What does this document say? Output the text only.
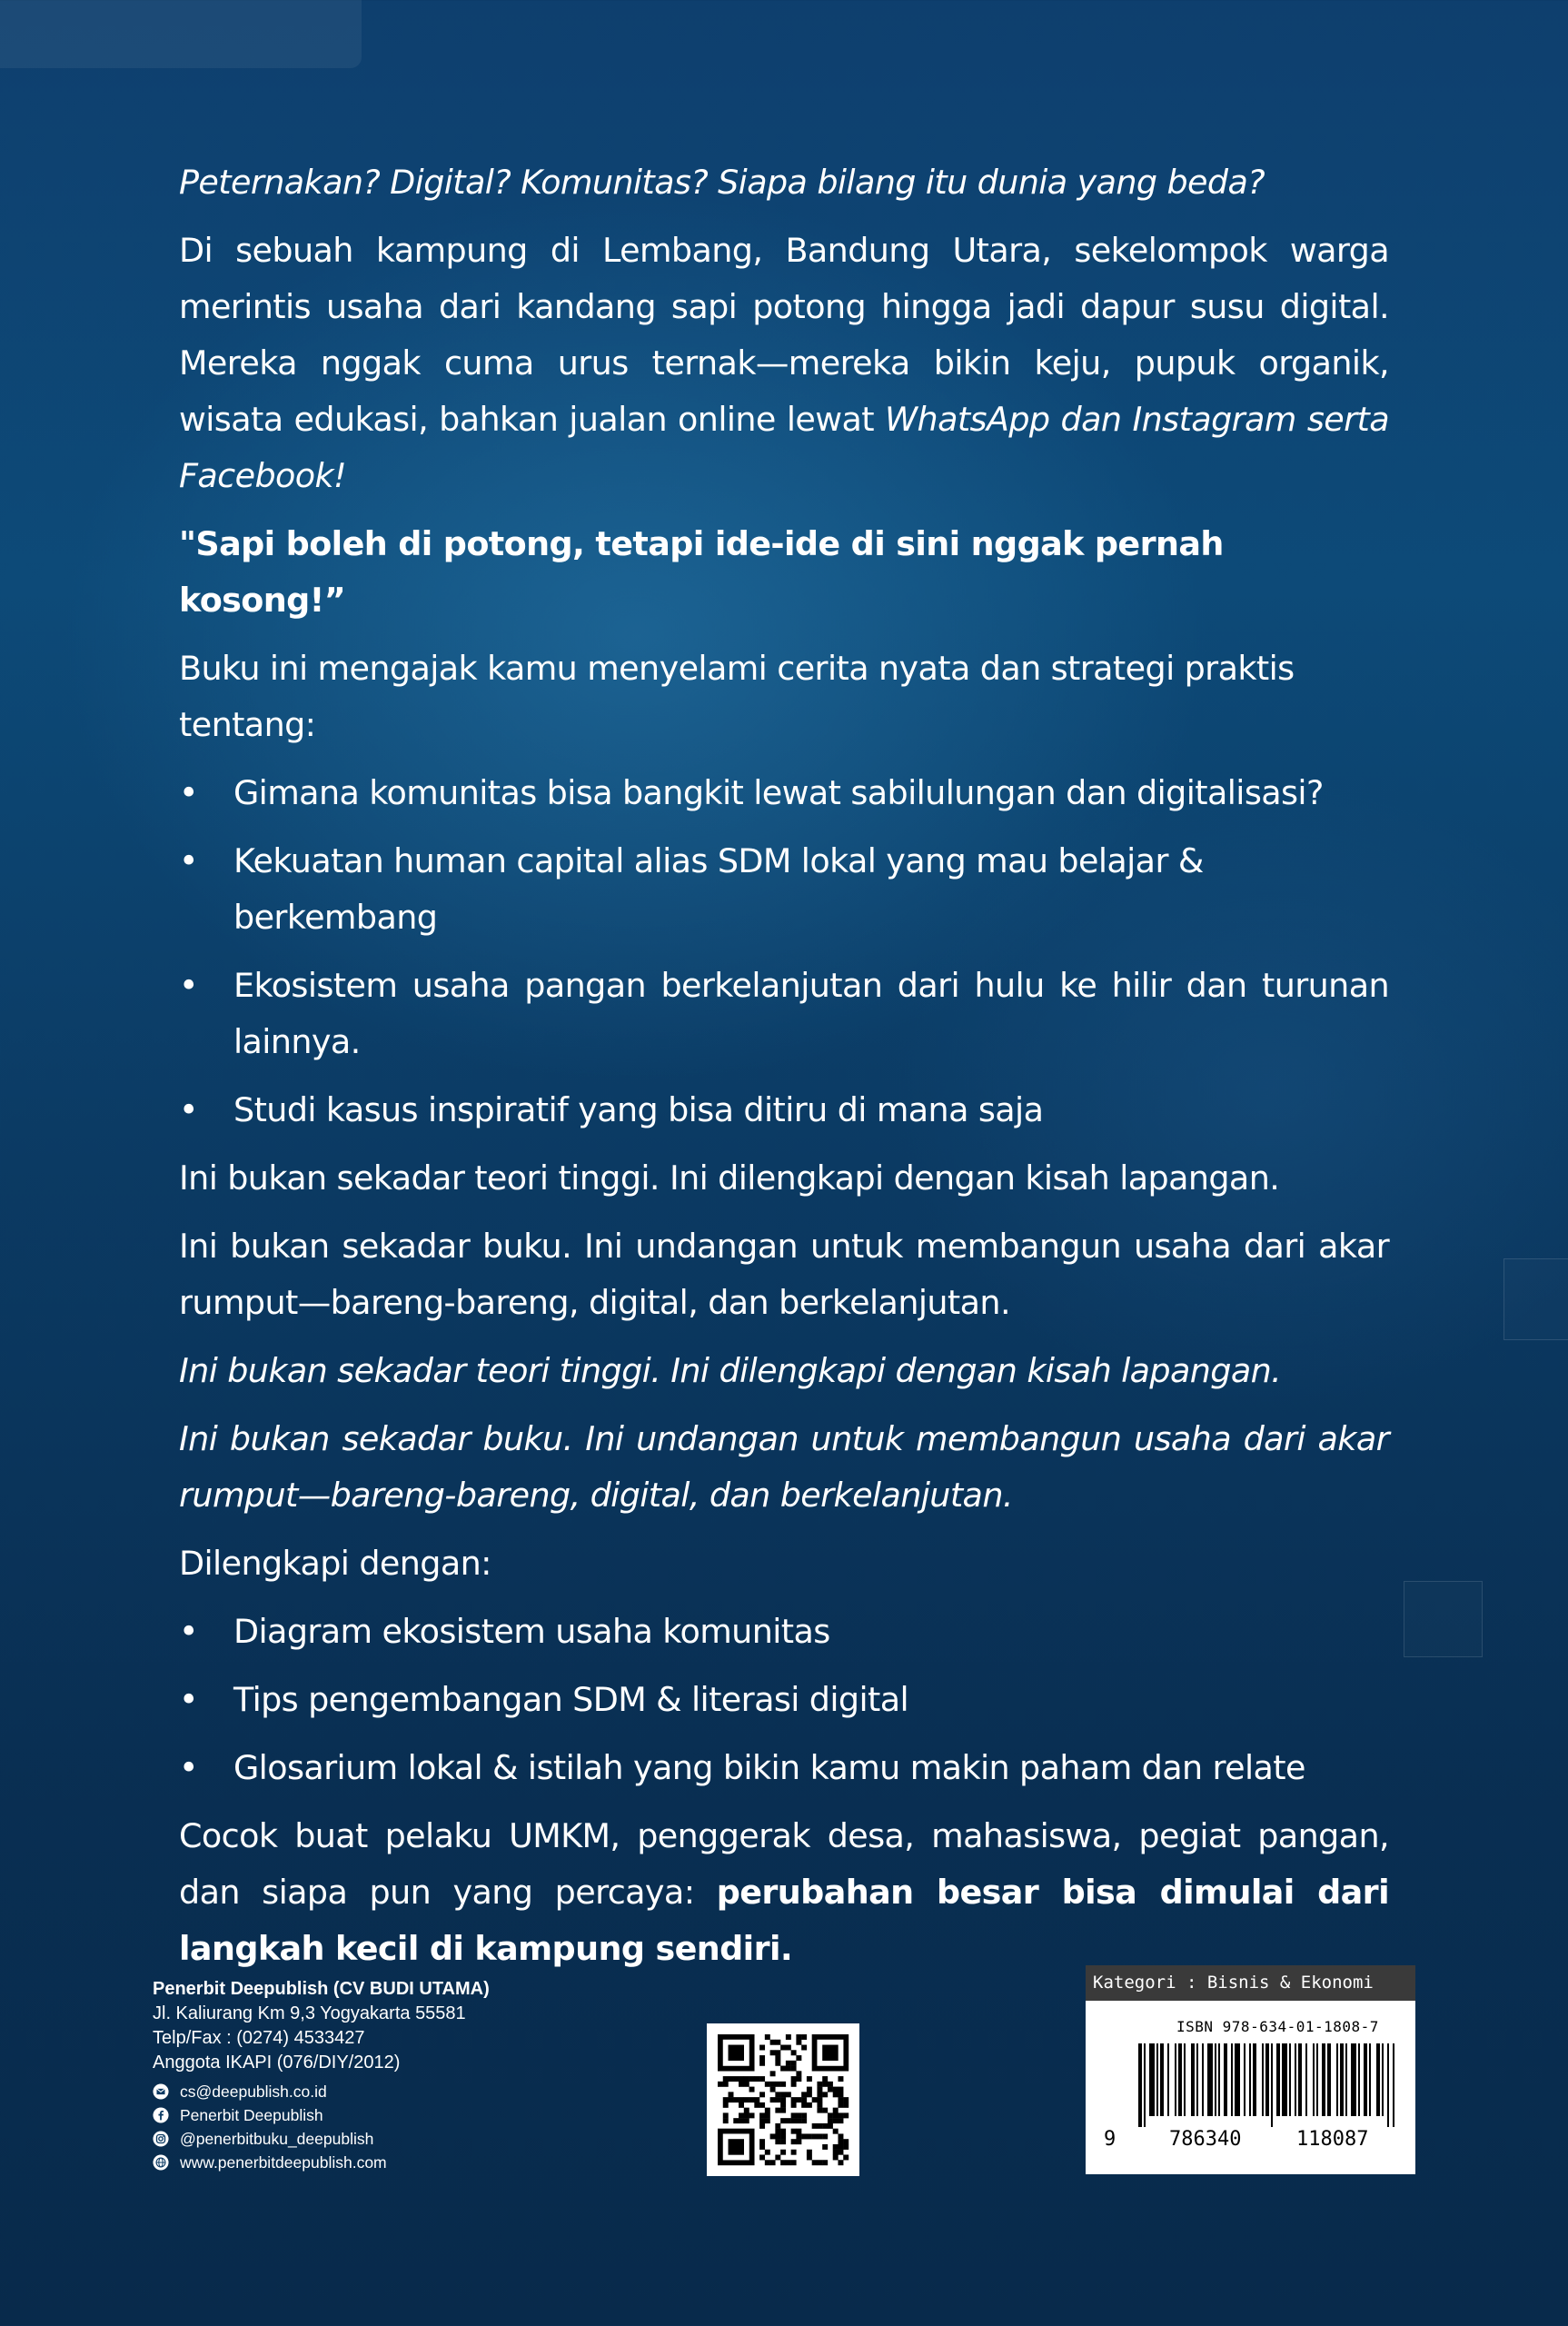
Peternakan? Digital? Komunitas? Siapa bilang itu dunia yang beda?

Di sebuah kampung di Lembang, Bandung Utara, sekelompok warga merintis usaha dari kandang sapi potong hingga jadi dapur susu digital. Mereka nggak cuma urus ternak—mereka bikin keju, pupuk organik, wisata edukasi, bahkan jualan online lewat WhatsApp dan Instagram serta Facebook!

"Sapi boleh di potong, tetapi ide-ide di sini nggak pernah kosong!”

Buku ini mengajak kamu menyelami cerita nyata dan strategi praktis tentang:

• Gimana komunitas bisa bangkit lewat sabilulungan dan digitalisasi?
• Kekuatan human capital alias SDM lokal yang mau belajar & berkembang
• Ekosistem usaha pangan berkelanjutan dari hulu ke hilir dan turunan lainnya.
• Studi kasus inspiratif yang bisa ditiru di mana saja

Ini bukan sekadar teori tinggi. Ini dilengkapi dengan kisah lapangan.

Ini bukan sekadar buku. Ini undangan untuk membangun usaha dari akar rumput—bareng-bareng, digital, dan berkelanjutan.

Ini bukan sekadar teori tinggi. Ini dilengkapi dengan kisah lapangan.

Ini bukan sekadar buku. Ini undangan untuk membangun usaha dari akar rumput—bareng-bareng, digital, dan berkelanjutan.

Dilengkapi dengan:

• Diagram ekosistem usaha komunitas
• Tips pengembangan SDM & literasi digital
• Glosarium lokal & istilah yang bikin kamu makin paham dan relate

Cocok buat pelaku UMKM, penggerak desa, mahasiswa, pegiat pangan, dan siapa pun yang percaya: perubahan besar bisa dimulai dari langkah kecil di kampung sendiri.

Penerbit Deepublish (CV BUDI UTAMA)
Jl. Kaliurang Km 9,3 Yogyakarta 55581
Telp/Fax : (0274) 4533427
Anggota IKAPI (076/DIY/2012)
cs@deepublish.co.id
Penerbit Deepublish
@penerbitbuku_deepublish
www.penerbitdeepublish.com
Kategori : Bisnis & Ekonomi
ISBN 978-634-01-1808-7
9	786340	118087
